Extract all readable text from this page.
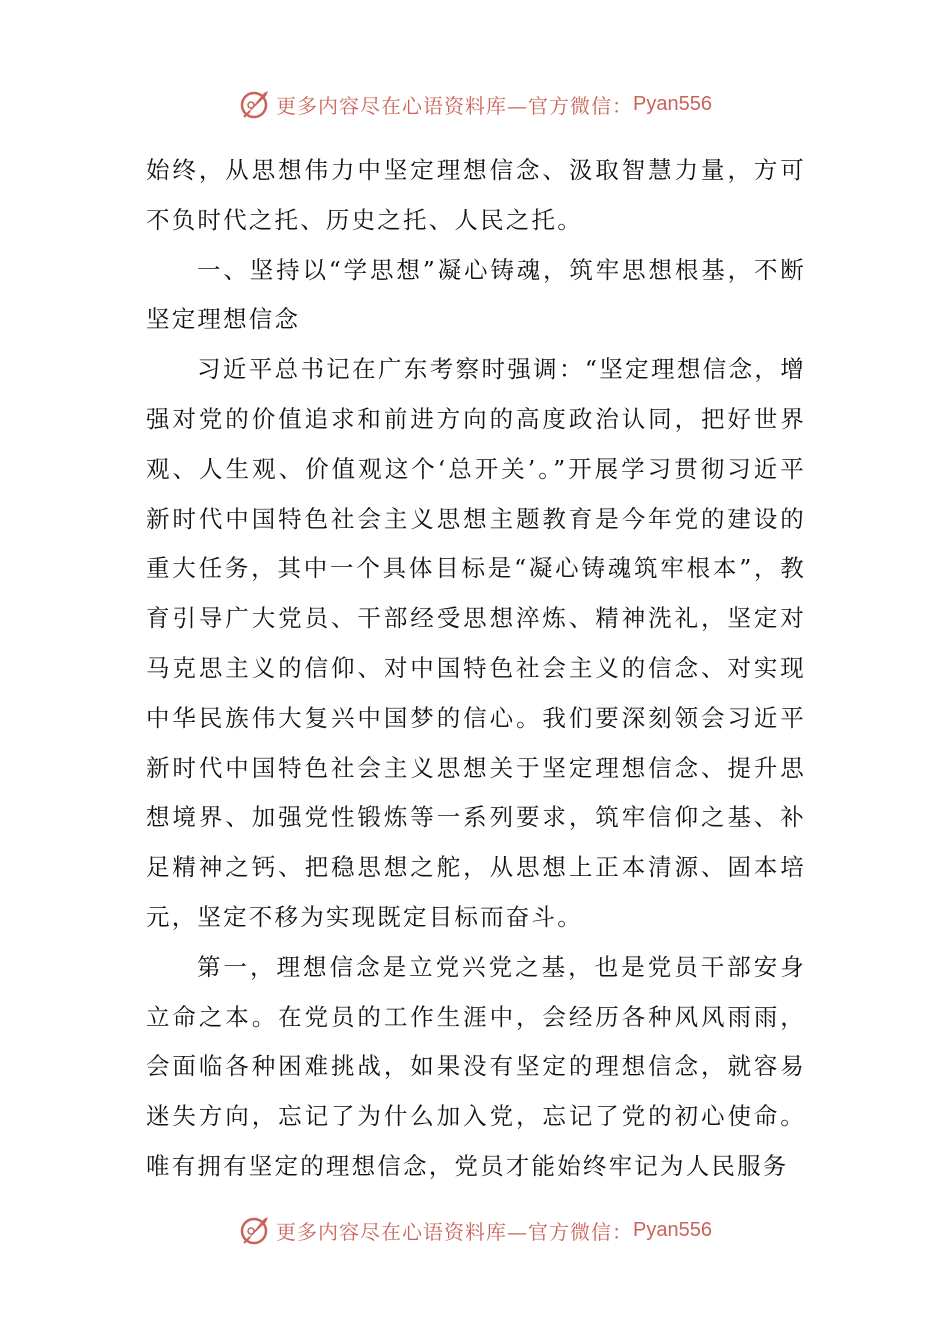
更多内容尽在心语资料库 —官方微信： Pyan556

始终，从思想伟力中坚定理想信念、汲取智慧力量，方可不负时代之托、历史之托、人民之托。

一、坚持以“学思想”凝心铸魂，筑牢思想根基，不断坚定理想信念

习近平总书记在广东考察时强调：“坚定理想信念，增强对党的价值追求和前进方向的高度政治认同，把好世界观、人生观、价值观这个‘总开关’。”开展学习贯彻习近平新时代中国特色社会主义思想主题教育是今年党的建设的重大任务，其中一个具体目标是“凝心铸魂筑牢根本”，教育引导广大党员、干部经受思想淬炼、精神洗礼，坚定对马克思主义的信仰、对中国特色社会主义的信念、对实现中华民族伟大复兴中国梦的信心。我们要深刻领会习近平新时代中国特色社会主义思想关于坚定理想信念、提升思想境界、加强党性锻炼等一系列要求，筑牢信仰之基、补足精神之钙、把稳思想之舵，从思想上正本清源、固本培元，坚定不移为实现既定目标而奋斗。

第一，理想信念是立党兴党之基，也是党员干部安身立命之本。在党员的工作生涯中，会经历各种风风雨雨，会面临各种困难挑战，如果没有坚定的理想信念，就容易迷失方向，忘记了为什么加入党，忘记了党的初心使命。唯有拥有坚定的理想信念，党员才能始终牢记为人民服务

更多内容尽在心语资料库 —官方微信： Pyan556
